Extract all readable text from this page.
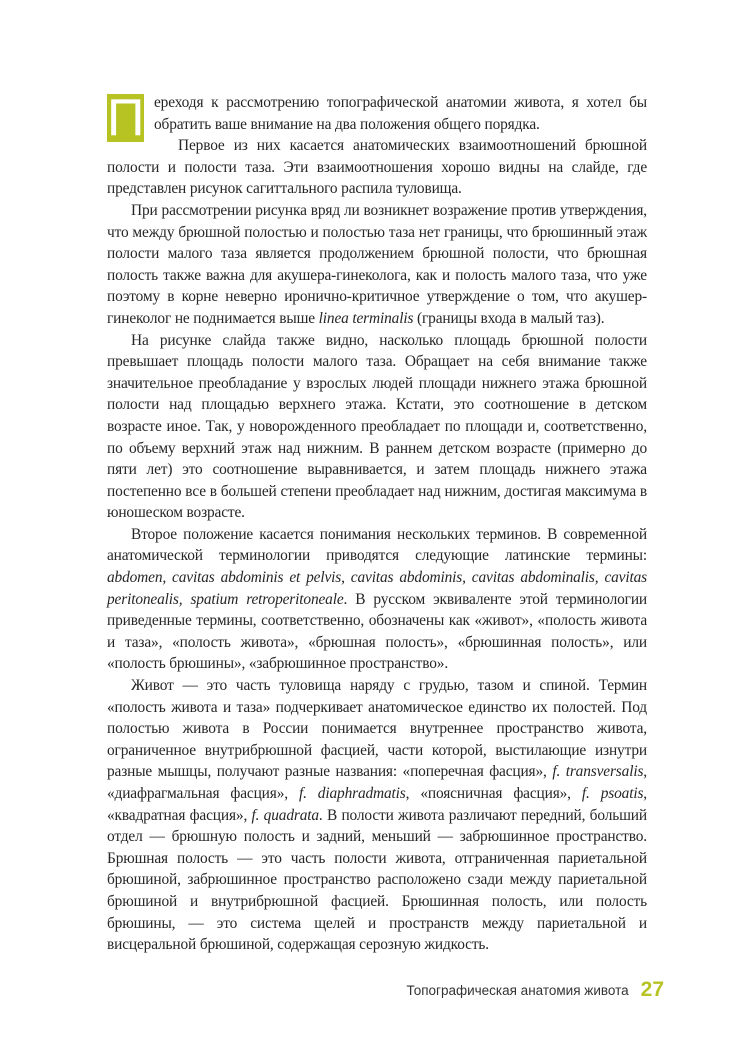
П ереходя к рассмотрению топографической анатомии живота, я хотел бы обратить ваше внимание на два положения общего порядка.

Первое из них касается анатомических взаимоотношений брюшной полости и полости таза. Эти взаимоотношения хорошо видны на слайде, где представлен рисунок сагиттального распила туловища.

При рассмотрении рисунка вряд ли возникнет возражение против утверждения, что между брюшной полостью и полостью таза нет границы, что брюшинный этаж полости малого таза является продолжением брюшной полости, что брюшная полость также важна для акушера-гинеколога, как и полость малого таза, что уже поэтому в корне неверно иронично-критичное утверждение о том, что акушер-гинеколог не поднимается выше linea terminalis (границы входа в малый таз).

На рисунке слайда также видно, насколько площадь брюшной полости превышает площадь полости малого таза. Обращает на себя внимание также значительное преобладание у взрослых людей площади нижнего этажа брюшной полости над площадью верхнего этажа. Кстати, это соотношение в детском возрасте иное. Так, у новорожденного преобладает по площади и, соответственно, по объему верхний этаж над нижним. В раннем детском возрасте (примерно до пяти лет) это соотношение выравнивается, и затем площадь нижнего этажа постепенно все в большей степени преобладает над нижним, достигая максимума в юношеском возрасте.

Второе положение касается понимания нескольких терминов. В современной анатомической терминологии приводятся следующие латинские термины: abdomen, cavitas abdominis et pelvis, cavitas abdominis, cavitas abdominalis, cavitas peritonealis, spatium retroperitoneale. В русском эквиваленте этой терминологии приведенные термины, соответственно, обозначены как «живот», «полость живота и таза», «полость живота», «брюшная полость», «брюшинная полость», или «полость брюшины», «забрюшинное пространство».

Живот — это часть туловища наряду с грудью, тазом и спиной. Термин «полость живота и таза» подчеркивает анатомическое единство их полостей. Под полостью живота в России понимается внутреннее пространство живота, ограниченное внутрибрюшной фасцией, части которой, выстилающие изнутри разные мышцы, получают разные названия: «поперечная фасция», f. transversalis, «диафрагмальная фасция», f. diaphradmatis, «поясничная фасция», f. psoatis, «квадратная фасция», f. quadrata. В полости живота различают передний, больший отдел — брюшную полость и задний, меньший — забрюшинное пространство. Брюшная полость — это часть полости живота, отграниченная париетальной брюшиной, забрюшинное пространство расположено сзади между париетальной брюшиной и внутрибрюшной фасцией. Брюшинная полость, или полость брюшины, — это система щелей и пространств между париетальной и висцеральной брюшиной, содержащая серозную жидкость.

Топографическая анатомия живота 27
